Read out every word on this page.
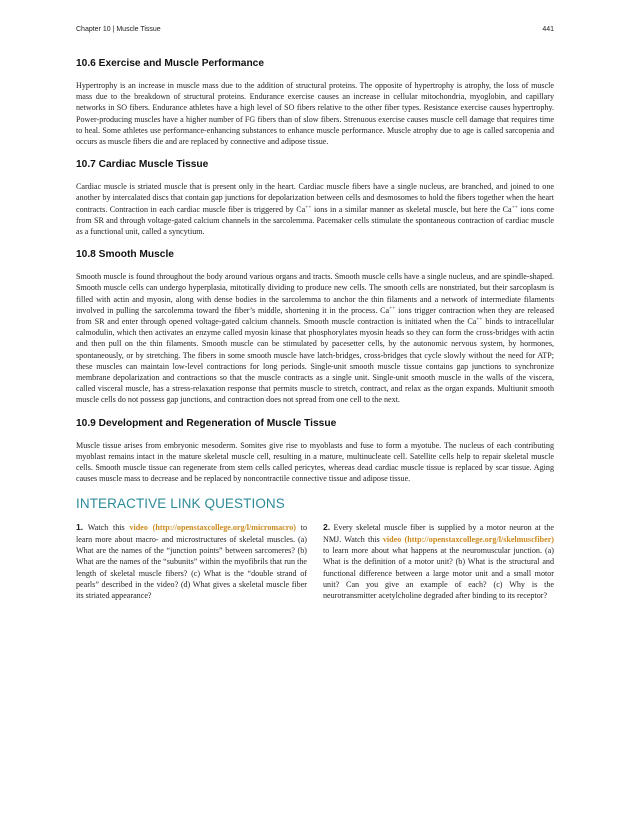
Chapter 10 | Muscle Tissue	441
10.6 Exercise and Muscle Performance

Hypertrophy is an increase in muscle mass due to the addition of structural proteins. The opposite of hypertrophy is atrophy, the loss of muscle mass due to the breakdown of structural proteins. Endurance exercise causes an increase in cellular mitochondria, myoglobin, and capillary networks in SO fibers. Endurance athletes have a high level of SO fibers relative to the other fiber types. Resistance exercise causes hypertrophy. Power-producing muscles have a higher number of FG fibers than of slow fibers. Strenuous exercise causes muscle cell damage that requires time to heal. Some athletes use performance-enhancing substances to enhance muscle performance. Muscle atrophy due to age is called sarcopenia and occurs as muscle fibers die and are replaced by connective and adipose tissue.

10.7 Cardiac Muscle Tissue

Cardiac muscle is striated muscle that is present only in the heart. Cardiac muscle fibers have a single nucleus, are branched, and joined to one another by intercalated discs that contain gap junctions for depolarization between cells and desmosomes to hold the fibers together when the heart contracts. Contraction in each cardiac muscle fiber is triggered by Ca++ ions in a similar manner as skeletal muscle, but here the Ca++ ions come from SR and through voltage-gated calcium channels in the sarcolemma. Pacemaker cells stimulate the spontaneous contraction of cardiac muscle as a functional unit, called a syncytium.

10.8 Smooth Muscle

Smooth muscle is found throughout the body around various organs and tracts. Smooth muscle cells have a single nucleus, and are spindle-shaped. Smooth muscle cells can undergo hyperplasia, mitotically dividing to produce new cells. The smooth cells are nonstriated, but their sarcoplasm is filled with actin and myosin, along with dense bodies in the sarcolemma to anchor the thin filaments and a network of intermediate filaments involved in pulling the sarcolemma toward the fiber’s middle, shortening it in the process. Ca++ ions trigger contraction when they are released from SR and enter through opened voltage-gated calcium channels. Smooth muscle contraction is initiated when the Ca++ binds to intracellular calmodulin, which then activates an enzyme called myosin kinase that phosphorylates myosin heads so they can form the cross-bridges with actin and then pull on the thin filaments. Smooth muscle can be stimulated by pacesetter cells, by the autonomic nervous system, by hormones, spontaneously, or by stretching. The fibers in some smooth muscle have latch-bridges, cross-bridges that cycle slowly without the need for ATP; these muscles can maintain low-level contractions for long periods. Single-unit smooth muscle tissue contains gap junctions to synchronize membrane depolarization and contractions so that the muscle contracts as a single unit. Single-unit smooth muscle in the walls of the viscera, called visceral muscle, has a stress-relaxation response that permits muscle to stretch, contract, and relax as the organ expands. Multiunit smooth muscle cells do not possess gap junctions, and contraction does not spread from one cell to the next.

10.9 Development and Regeneration of Muscle Tissue

Muscle tissue arises from embryonic mesoderm. Somites give rise to myoblasts and fuse to form a myotube. The nucleus of each contributing myoblast remains intact in the mature skeletal muscle cell, resulting in a mature, multinucleate cell. Satellite cells help to repair skeletal muscle cells. Smooth muscle tissue can regenerate from stem cells called pericytes, whereas dead cardiac muscle tissue is replaced by scar tissue. Aging causes muscle mass to decrease and be replaced by noncontractile connective tissue and adipose tissue.

INTERACTIVE LINK QUESTIONS

1. Watch this video (http://openstaxcollege.org/l/micromacro) to learn more about macro- and microstructures of skeletal muscles. (a) What are the names of the “junction points” between sarcomeres? (b) What are the names of the “subunits” within the myofibrils that run the length of skeletal muscle fibers? (c) What is the “double strand of pearls” described in the video? (d) What gives a skeletal muscle fiber its striated appearance?

2. Every skeletal muscle fiber is supplied by a motor neuron at the NMJ. Watch this video (http://openstaxcollege.org/l/skelmuscfiber) to learn more about what happens at the neuromuscular junction. (a) What is the definition of a motor unit? (b) What is the structural and functional difference between a large motor unit and a small motor unit? Can you give an example of each? (c) Why is the neurotransmitter acetylcholine degraded after binding to its receptor?
